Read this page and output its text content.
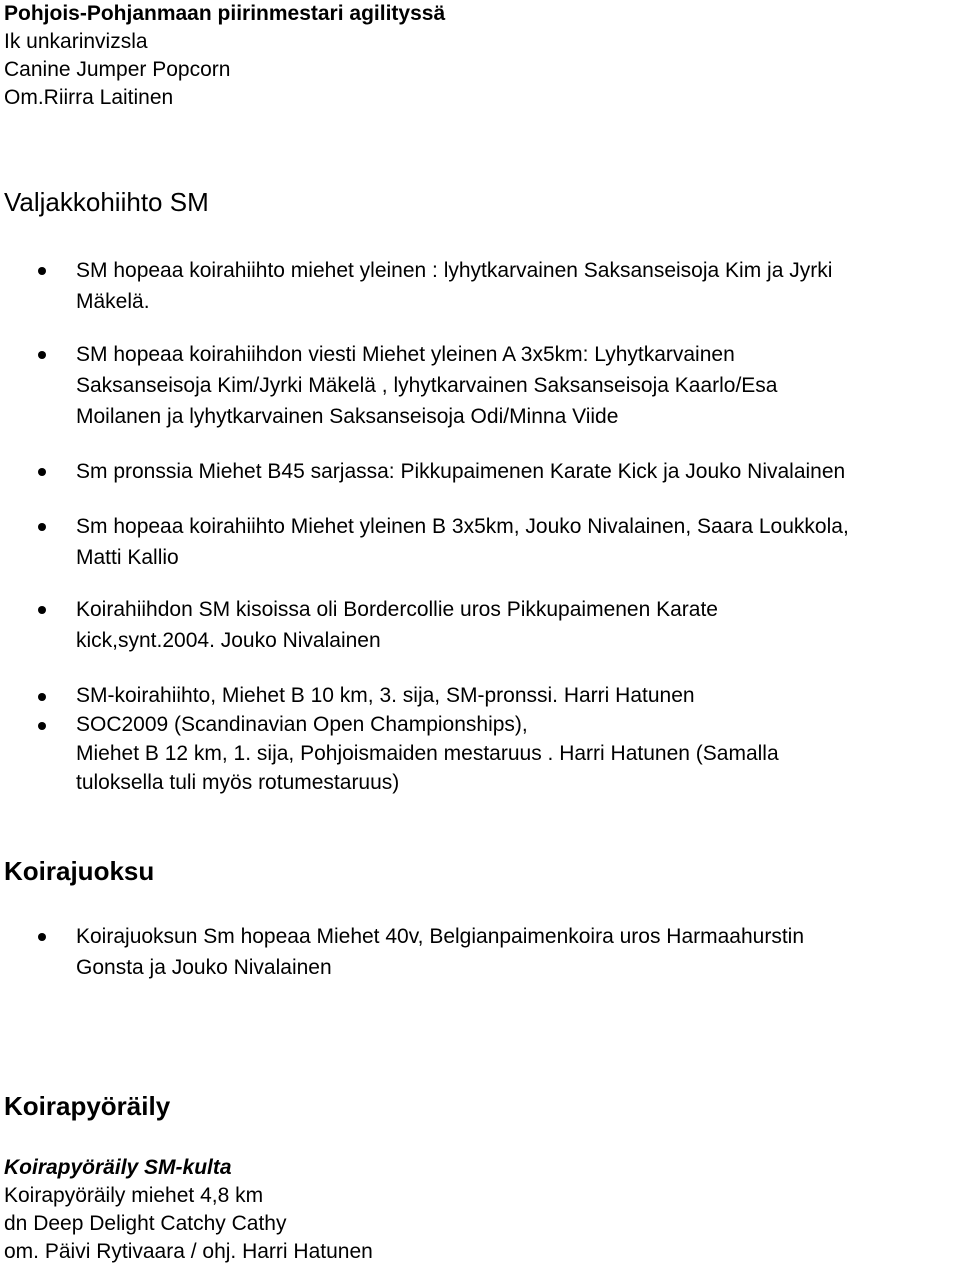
Pohjois-Pohjanmaan piirinmestari agilityssä
Ik unkarinvizsla
Canine Jumper Popcorn
Om.Riirra Laitinen
Valjakkohiihto SM
SM hopeaa koirahiihto miehet yleinen : lyhytkarvainen Saksanseisoja Kim ja Jyrki
Mäkelä.
SM hopeaa koirahiihdon viesti Miehet yleinen A 3x5km: Lyhytkarvainen
Saksanseisoja Kim/Jyrki Mäkelä , lyhytkarvainen Saksanseisoja Kaarlo/Esa
Moilanen ja lyhytkarvainen Saksanseisoja Odi/Minna Viide
Sm pronssia Miehet B45 sarjassa: Pikkupaimenen Karate Kick ja Jouko Nivalainen
Sm hopeaa koirahiihto Miehet yleinen B 3x5km, Jouko Nivalainen, Saara Loukkola,
Matti Kallio
Koirahiihdon SM kisoissa oli Bordercollie uros Pikkupaimenen Karate
kick,synt.2004. Jouko Nivalainen
SM-koirahiihto, Miehet B 10 km, 3. sija, SM-pronssi. Harri Hatunen
SOC2009 (Scandinavian Open Championships),
Miehet B 12 km, 1. sija, Pohjoismaiden mestaruus . Harri Hatunen (Samalla
tuloksella tuli myös rotumestaruus)
Koirajuoksu
Koirajuoksun Sm hopeaa Miehet 40v, Belgianpaimenkoira uros Harmaahurstin
Gonsta ja Jouko Nivalainen
Koirapyöräily
Koirapyöräily SM-kulta
Koirapyöräily miehet 4,8 km
dn Deep Delight Catchy Cathy
om. Päivi Rytivaara / ohj. Harri Hatunen
